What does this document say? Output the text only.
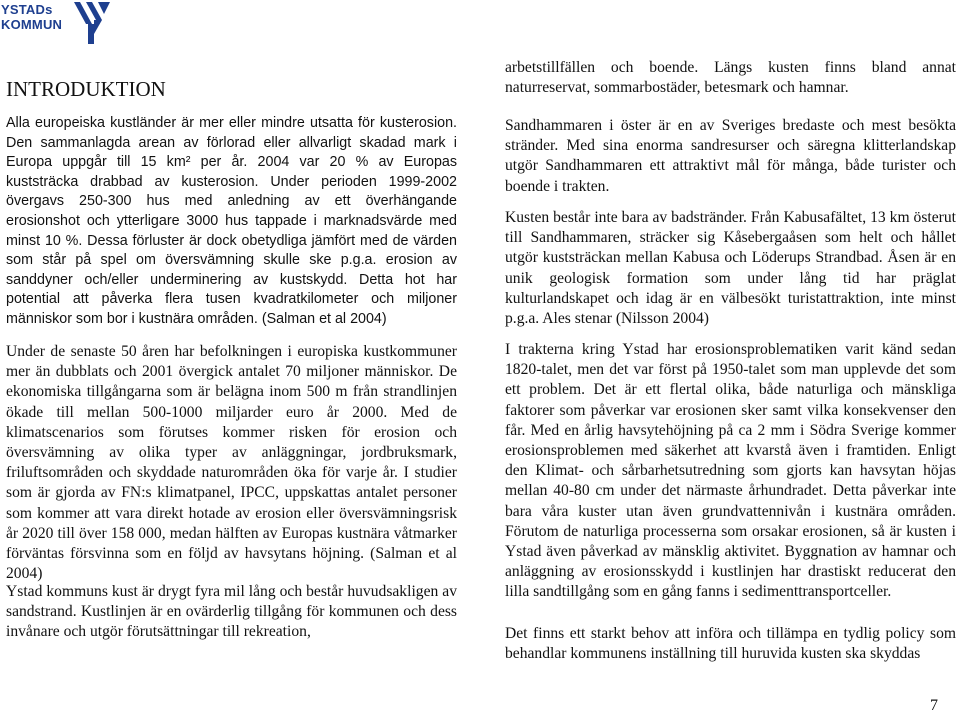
YSTADs
KOMMUN
INTRODUKTION

Alla europeiska kustländer är mer eller mindre utsatta för kusterosion. Den sammanlagda arean av förlorad eller allvarligt skadad mark i Europa uppgår till 15 km² per år. 2004 var 20 % av Europas kuststräcka drabbad av kusterosion. Under perioden 1999-2002 övergavs 250-300 hus med anledning av ett överhängande erosionshot och ytterligare 3000 hus tappade i marknadsvärde med minst 10 %. Dessa förluster är dock obetydliga jämfört med de värden som står på spel om översvämning skulle ske p.g.a. erosion av sanddyner och/eller underminering av kustskydd. Detta hot har potential att påverka flera tusen kvadratkilometer och miljoner människor som bor i kustnära områden. (Salman et al 2004)

Under de senaste 50 åren har befolkningen i europiska kustkommuner mer än dubblats och 2001 övergick antalet 70 miljoner människor. De ekonomiska tillgångarna som är belägna inom 500 m från strandlinjen ökade till mellan 500-1000 miljarder euro år 2000. Med de klimatscenarios som förutses kommer risken för erosion och översvämning av olika typer av anläggningar, jordbruksmark, friluftsområden och skyddade naturområden öka för varje år. I studier som är gjorda av FN:s klimatpanel, IPCC, uppskattas antalet personer som kommer att vara direkt hotade av erosion eller översvämningsrisk år 2020 till över 158 000, medan hälften av Europas kustnära våtmarker förväntas försvinna som en följd av havsytans höjning. (Salman et al 2004)

Ystad kommuns kust är drygt fyra mil lång och består huvudsakligen av sandstrand. Kustlinjen är en ovärderlig tillgång för kommunen och dess invånare och utgör förutsättningar till rekreation,

arbetstillfällen och boende. Längs kusten finns bland annat naturreservat, sommarbostäder, betesmark och hamnar.

Sandhammaren i öster är en av Sveriges bredaste och mest besökta stränder. Med sina enorma sandresurser och säregna klitterlandskap utgör Sandhammaren ett attraktivt mål för många, både turister och boende i trakten.

Kusten består inte bara av badstränder. Från Kabusafältet, 13 km österut till Sandhammaren, sträcker sig Kåsebergaåsen som helt och hållet utgör kuststräckan mellan Kabusa och Löderups Strandbad. Åsen är en unik geologisk formation som under lång tid har präglat kulturlandskapet och idag är en välbesökt turistattraktion, inte minst p.g.a. Ales stenar (Nilsson 2004)

I trakterna kring Ystad har erosionsproblematiken varit känd sedan 1820-talet, men det var först på 1950-talet som man upplevde det som ett problem. Det är ett flertal olika, både naturliga och mänskliga faktorer som påverkar var erosionen sker samt vilka konsekvenser den får. Med en årlig havsytehöjning på ca 2 mm i Södra Sverige kommer erosionsproblemen med säkerhet att kvarstå även i framtiden. Enligt den Klimat- och sårbarhetsutredning som gjorts kan havsytan höjas mellan 40-80 cm under det närmaste århundradet. Detta påverkar inte bara våra kuster utan även grundvattennivån i kustnära områden. Förutom de naturliga processerna som orsakar erosionen, så är kusten i Ystad även påverkad av mänsklig aktivitet. Byggnation av hamnar och anläggning av erosionsskydd i kustlinjen har drastiskt reducerat den lilla sandtillgång som en gång fanns i sedimenttransportceller.

Det finns ett starkt behov att införa och tillämpa en tydlig policy som behandlar kommunens inställning till huruvida kusten ska skyddas

7
